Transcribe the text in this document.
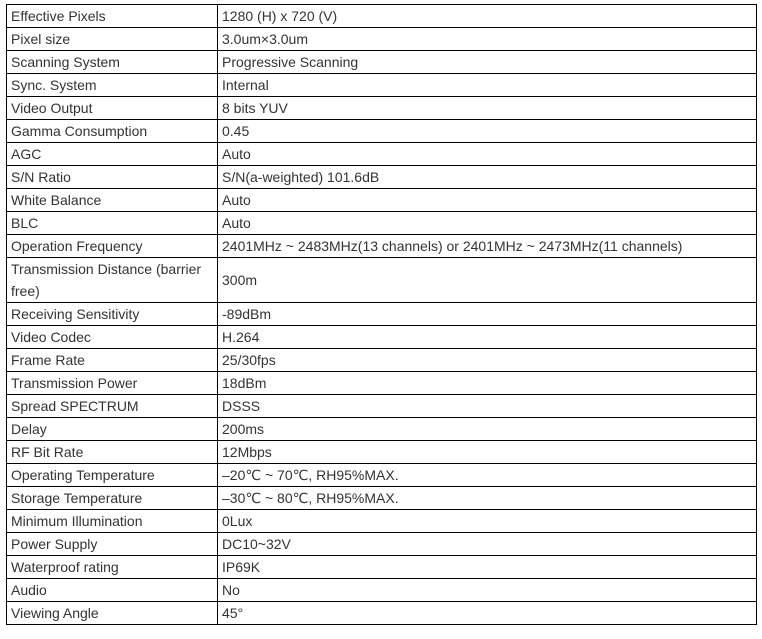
Effective Pixels	1280 (H) x 720 (V)
Pixel size	3.0um×3.0um
Scanning System	Progressive Scanning
Sync. System	Internal
Video Output	8 bits YUV
Gamma Consumption	0.45
AGC	Auto
S/N Ratio	S/N(a-weighted) 101.6dB
White Balance	Auto
BLC	Auto
Operation Frequency	2401MHz ~ 2483MHz(13 channels) or 2401MHz ~ 2473MHz(11 channels)
Transmission Distance (barrier free)	300m
Receiving Sensitivity	-89dBm
Video Codec	H.264
Frame Rate	25/30fps
Transmission Power	18dBm
Spread SPECTRUM	DSSS
Delay	200ms
RF Bit Rate	12Mbps
Operating Temperature	–20℃ ~ 70℃, RH95%MAX.
Storage Temperature	–30℃ ~ 80℃, RH95%MAX.
Minimum Illumination	0Lux
Power Supply	DC10~32V
Waterproof rating	IP69K
Audio	No
Viewing Angle	45°
